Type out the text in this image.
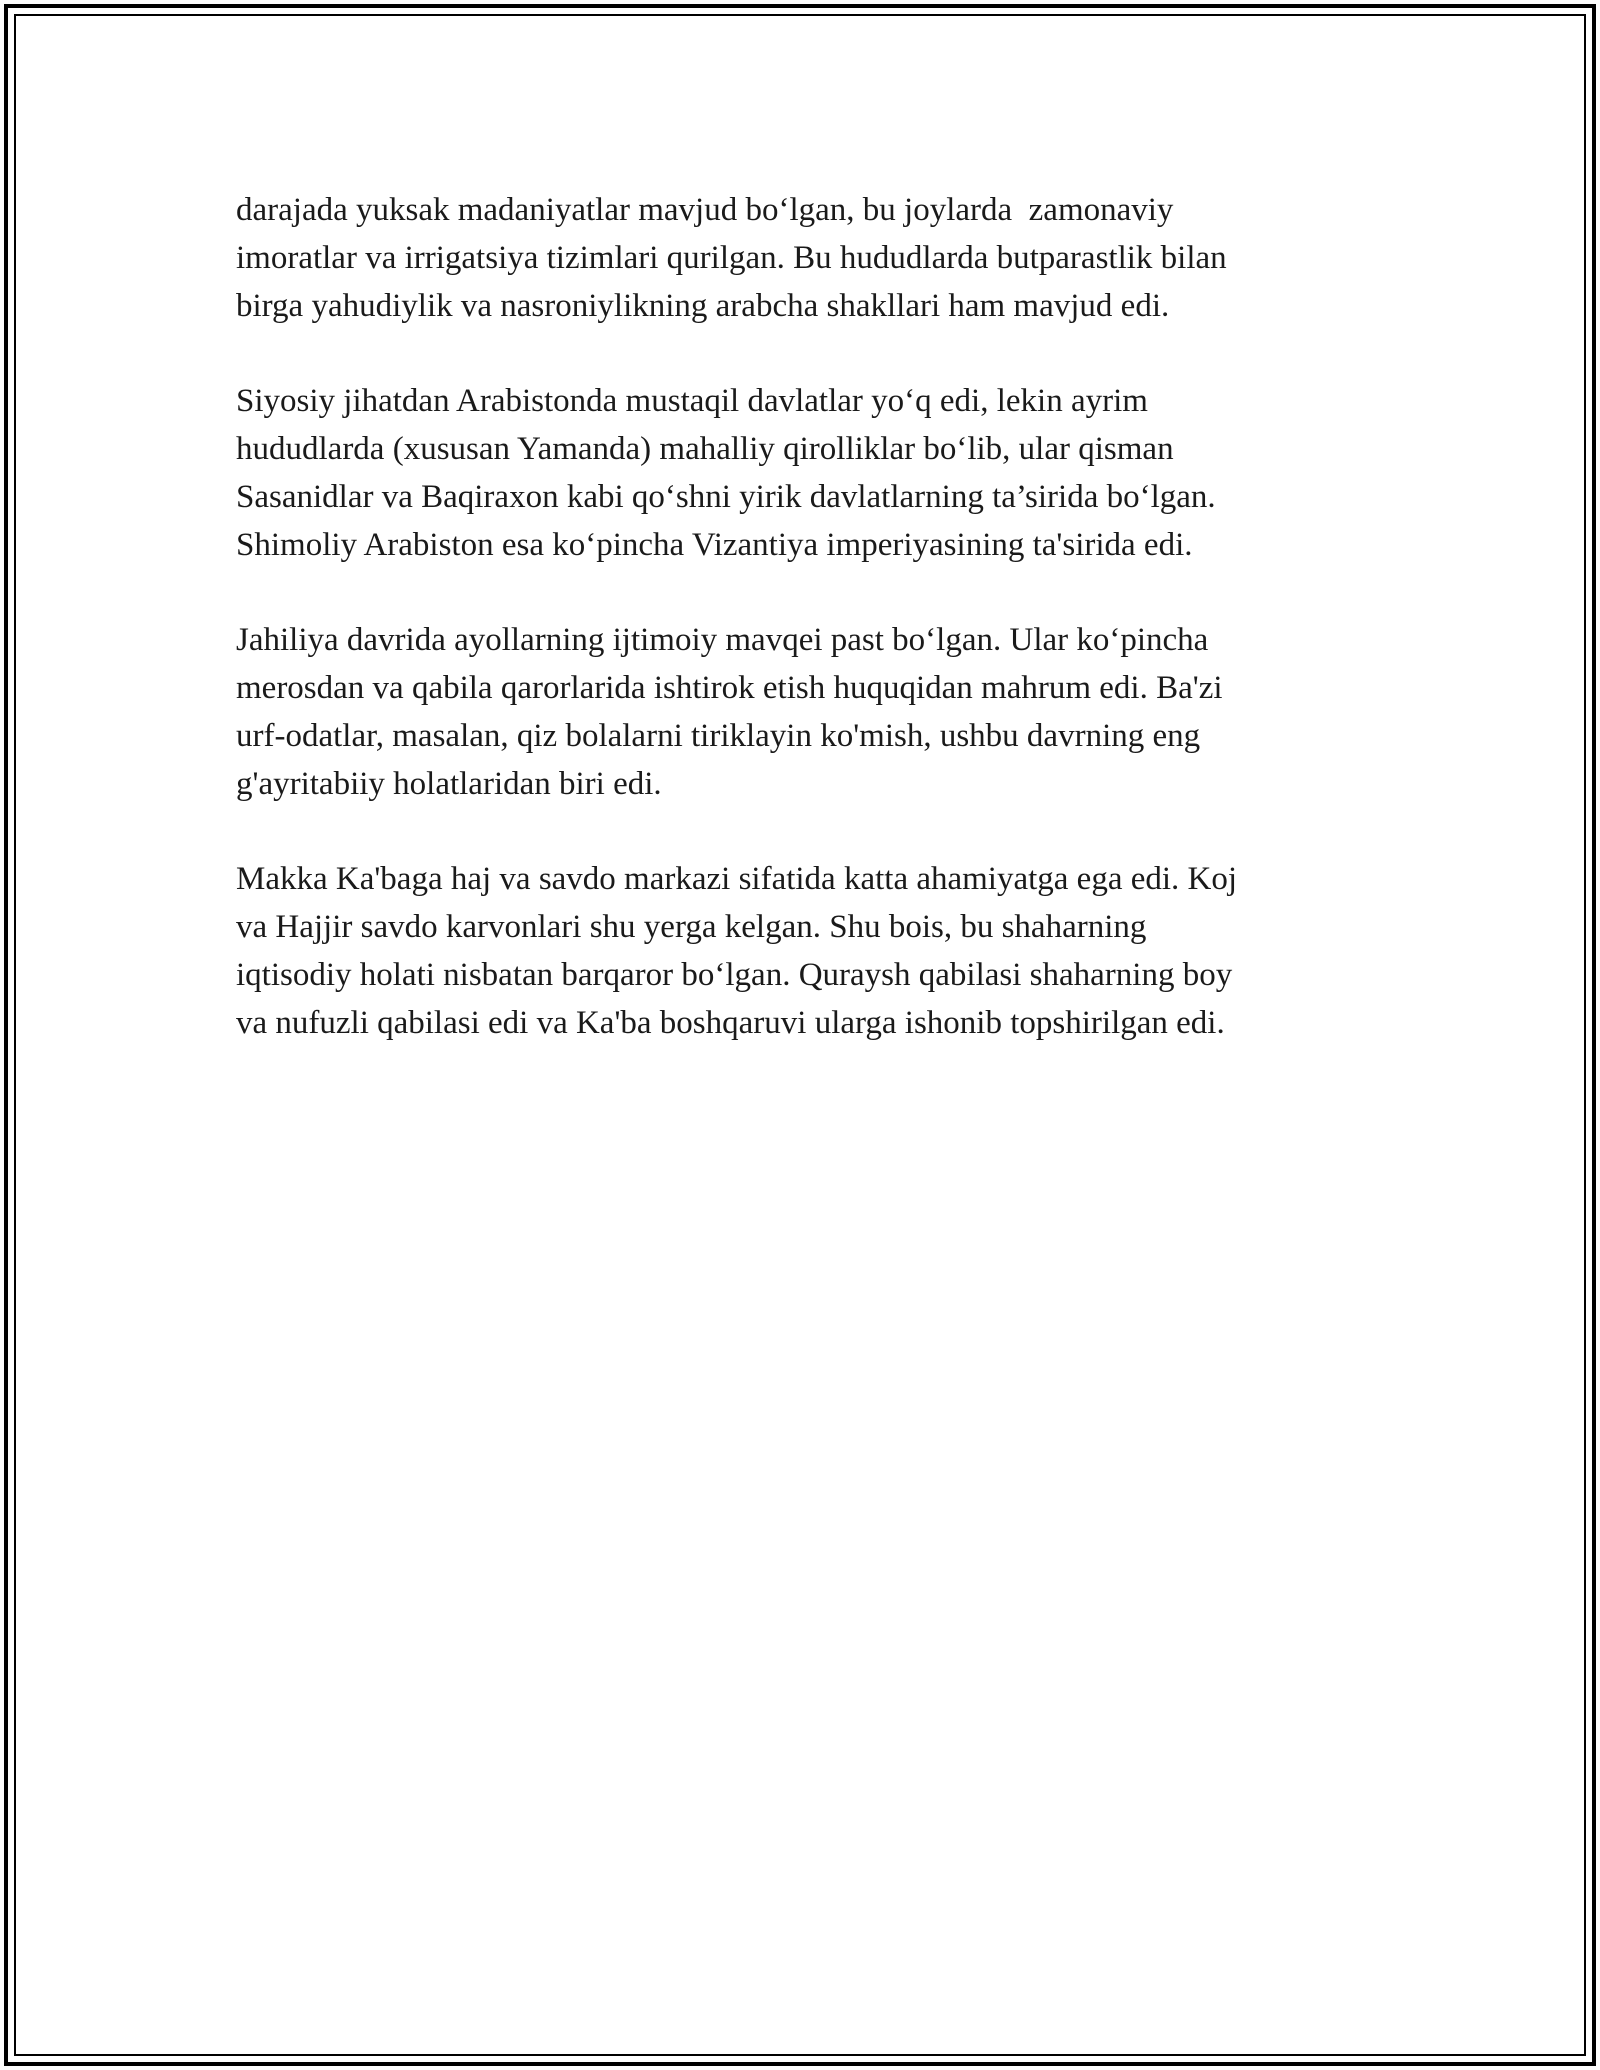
darajada yuksak madaniyatlar mavjud bo‘lgan, bu joylarda  zamonaviy
imoratlar va irrigatsiya tizimlari qurilgan. Bu hududlarda butparastlik bilan
birga yahudiylik va nasroniylikning arabcha shakllari ham mavjud edi.

Siyosiy jihatdan Arabistonda mustaqil davlatlar yo‘q edi, lekin ayrim
hududlarda (xususan Yamanda) mahalliy qirolliklar bo‘lib, ular qisman
Sasanidlar va Baqiraxon kabi qo‘shni yirik davlatlarning ta’sirida bo‘lgan.
Shimoliy Arabiston esa ko‘pincha Vizantiya imperiyasining ta'sirida edi.

Jahiliya davrida ayollarning ijtimoiy mavqei past bo‘lgan. Ular ko‘pincha
merosdan va qabila qarorlarida ishtirok etish huquqidan mahrum edi. Ba'zi
urf-odatlar, masalan, qiz bolalarni tiriklayin ko'mish, ushbu davrning eng
g'ayritabiiy holatlaridan biri edi.

Makka Ka'baga haj va savdo markazi sifatida katta ahamiyatga ega edi. Koj
va Hajjir savdo karvonlari shu yerga kelgan. Shu bois, bu shaharning
iqtisodiy holati nisbatan barqaror bo‘lgan. Quraysh qabilasi shaharning boy
va nufuzli qabilasi edi va Ka'ba boshqaruvi ularga ishonib topshirilgan edi.
